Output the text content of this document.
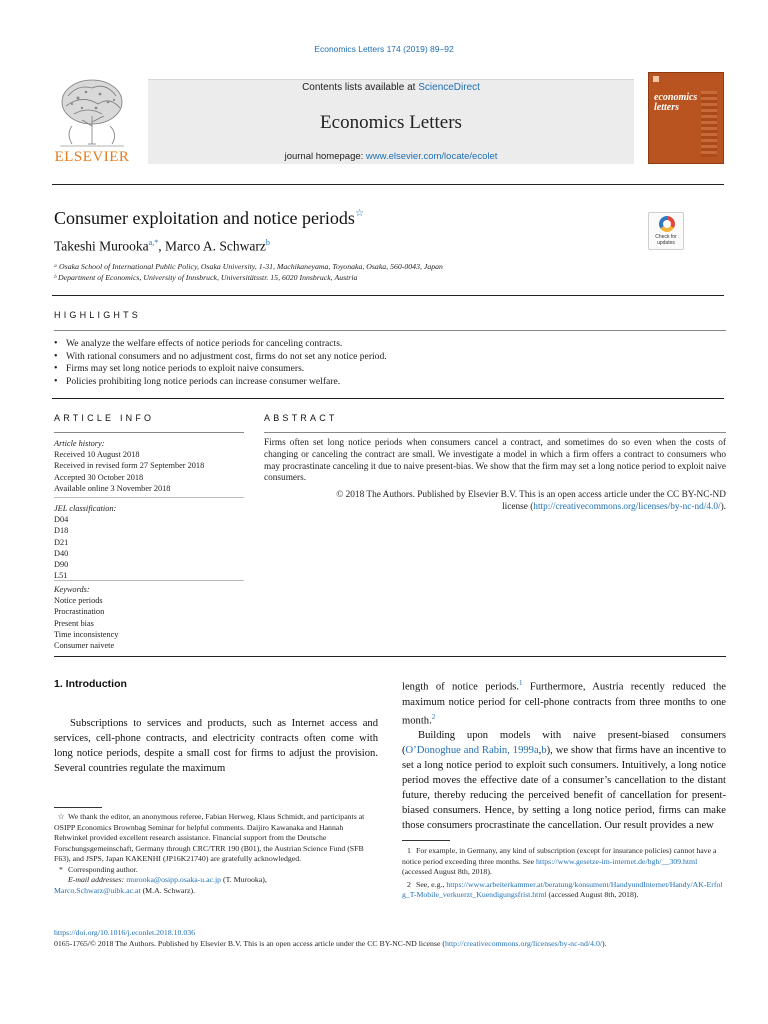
Economics Letters 174 (2019) 89–92
ELSEVIER
Contents lists available at ScienceDirect
Economics Letters
journal homepage: www.elsevier.com/locate/ecolet
economics
letters
Consumer exploitation and notice periods☆
Check for
updates
Takeshi Murooka$^{a,*}$, Marco A. Schwarz$^b$
ᵃ Osaka School of International Public Policy, Osaka University, 1-31, Machikaneyama, Toyonaka, Osaka, 560-0043, Japan
ᵇ Department of Economics, University of Innsbruck, Universitätsstr. 15, 6020 Innsbruck, Austria
HIGHLIGHTS
• We analyze the welfare effects of notice periods for canceling contracts.
• With rational consumers and no adjustment cost, firms do not set any notice period.
• Firms may set long notice periods to exploit naive consumers.
• Policies prohibiting long notice periods can increase consumer welfare.
ARTICLE INFO
Article history:
Received 10 August 2018
Received in revised form 27 September 2018
Accepted 30 October 2018
Available online 3 November 2018
JEL classification:
D04
D18
D21
D40
D90
L51
Keywords:
Notice periods
Procrastination
Present bias
Time inconsistency
Consumer naivete
ABSTRACT
Firms often set long notice periods when consumers cancel a contract, and sometimes do so even when the costs of changing or canceling the contract are small. We investigate a model in which a firm offers a contract to consumers who may procrastinate canceling it due to naive present-bias. We show that the firm may set a long notice period to exploit naive consumers.
© 2018 The Authors. Published by Elsevier B.V. This is an open access article under the CC BY-NC-ND
license (http://creativecommons.org/licenses/by-nc-nd/4.0/).
1. Introduction
Subscriptions to services and products, such as Internet access and services, cell-phone contracts, and electricity contracts often come with long notice periods, despite a small cost for firms to adjust the provision. Several countries regulate the maximum

length of notice periods.$^1$ Furthermore, Austria recently reduced the maximum notice period for cell-phone contracts from three months to one month.$^2$

Building upon models with naive present-biased consumers (O’Donoghue and Rabin, 1999a,b), we show that firms have an incentive to set a long notice period to exploit such consumers. Intuitively, a long notice period moves the effective date of a consumer’s cancellation to the distant future, thereby reducing the perceived benefit of cancellation for present-biased consumers. Hence, by setting a long notice period, firms can make those consumers procrastinate the cancellation. Our result provides a new

☆ We thank the editor, an anonymous referee, Fabian Herweg, Klaus Schmidt, and participants at OSIPP Economics Brownbag Seminar for helpful comments. Daijiro Kawanaka and Hannah Rehwinkel provided excellent research assistance. Financial support from the Deutsche Forschungsgemeinschaft, Germany through CRC/TRR 190 (B01), the Austrian Science Fund (SFB F63), and JSPS, Japan KAKENHI (JP16K21740) are gratefully acknowledged.
* Corresponding author.
E-mail addresses: murooka@osipp.osaka-u.ac.jp (T. Murooka),
Marco.Schwarz@uibk.ac.at (M.A. Schwarz).
1 For example, in Germany, any kind of subscription (except for insurance policies) cannot have a notice period exceeding three months. See https://www.gesetze-im-internet.de/bgb/__309.html (accessed August 8th, 2018).
2 See, e.g., https://www.arbeiterkammer.at/beratung/konsument/HandyundInternet/Handy/AK-Erfolg_T-Mobile_verkuerzt_Kuendigungsfrist.html (accessed August 8th, 2018).
https://doi.org/10.1016/j.econlet.2018.10.036
0165-1765/© 2018 The Authors. Published by Elsevier B.V. This is an open access article under the CC BY-NC-ND license (http://creativecommons.org/licenses/by-nc-nd/4.0/).
